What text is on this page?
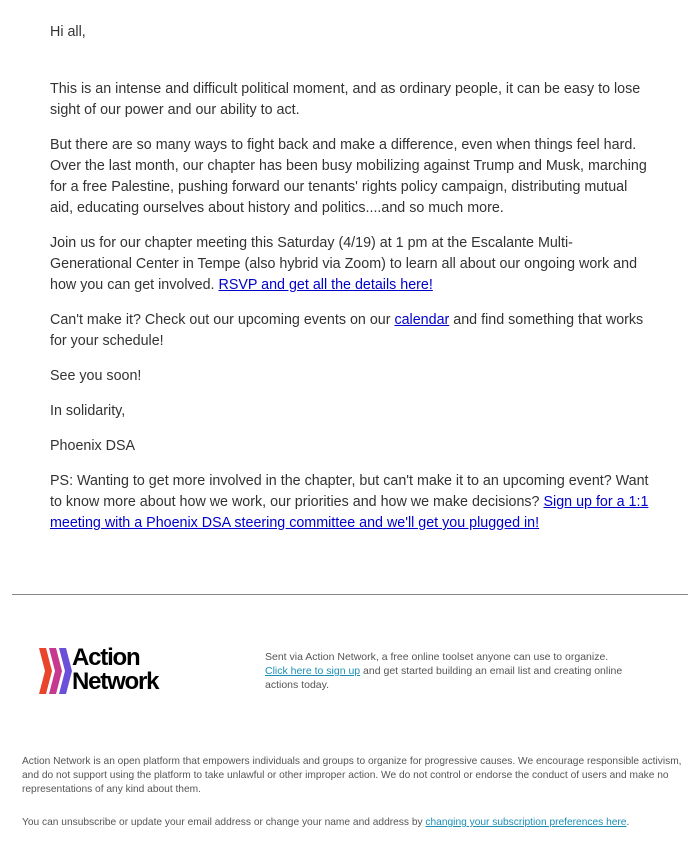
Hi all,

This is an intense and difficult political moment, and as ordinary people, it can be easy to lose sight of our power and our ability to act.

But there are so many ways to fight back and make a difference, even when things feel hard. Over the last month, our chapter has been busy mobilizing against Trump and Musk, marching for a free Palestine, pushing forward our tenants' rights policy campaign, distributing mutual aid, educating ourselves about history and politics....and so much more.

Join us for our chapter meeting this Saturday (4/19) at 1 pm at the Escalante Multi-Generational Center in Tempe (also hybrid via Zoom) to learn all about our ongoing work and how you can get involved. RSVP and get all the details here!

Can't make it? Check out our upcoming events on our calendar and find something that works for your schedule!

See you soon!

In solidarity,

Phoenix DSA

PS: Wanting to get more involved in the chapter, but can't make it to an upcoming event? Want to know more about how we work, our priorities and how we make decisions? Sign up for a 1:1 meeting with a Phoenix DSA steering committee and we'll get you plugged in!

Action
Network
Sent via Action Network, a free online toolset anyone can use to organize.
Click here to sign up and get started building an email list and creating online actions today.
Action Network is an open platform that empowers individuals and groups to organize for progressive causes. We encourage responsible activism, and do not support using the platform to take unlawful or other improper action. We do not control or endorse the conduct of users and make no representations of any kind about them.
You can unsubscribe or update your email address or change your name and address by changing your subscription preferences here.
